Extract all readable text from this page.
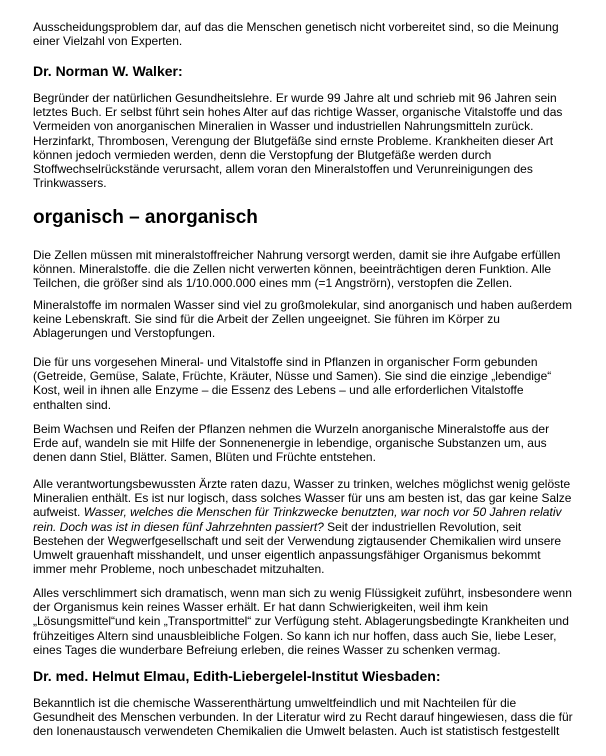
Ausscheidungsproblem dar, auf das die Menschen genetisch nicht vorbereitet sind, so die Meinung
einer Vielzahl von Experten.

Dr. Norman W. Walker:

Begründer der natürlichen Gesundheitslehre. Er wurde 99 Jahre alt und schrieb mit 96 Jahren sein
letztes Buch. Er selbst führt sein hohes Alter auf das richtige Wasser, organische Vitalstoffe und das
Vermeiden von anorganischen Mineralien in Wasser und industriellen Nahrungsmitteln zurück.
Herzinfarkt, Thrombosen, Verengung der Blutgefäße sind ernste Probleme. Krankheiten dieser Art
können jedoch vermieden werden, denn die Verstopfung der Blutgefäße werden durch
Stoffwechselrückstände verursacht, allem voran den Mineralstoffen und Verunreinigungen des
Trinkwassers.

organisch – anorganisch

Die Zellen müssen mit mineralstoffreicher Nahrung versorgt werden, damit sie ihre Aufgabe erfüllen
können. Mineralstoffe. die die Zellen nicht verwerten können, beeinträchtigen deren Funktion. Alle
Teilchen, die größer sind als 1/10.000.000 eines mm (=1 Angströrn), verstopfen die Zellen.

Mineralstoffe im normalen Wasser sind viel zu großmolekular, sind anorganisch und haben außerdem
keine Lebenskraft. Sie sind für die Arbeit der Zellen ungeeignet. Sie führen im Körper zu
Ablagerungen und Verstopfungen.

Die für uns vorgesehen Mineral- und Vitalstoffe sind in Pflanzen in organischer Form gebunden
(Getreide, Gemüse, Salate, Früchte, Kräuter, Nüsse und Samen). Sie sind die einzige „lebendige“
Kost, weil in ihnen alle Enzyme – die Essenz des Lebens – und alle erforderlichen Vitalstoffe
enthalten sind.

Beim Wachsen und Reifen der Pflanzen nehmen die Wurzeln anorganische Mineralstoffe aus der
Erde auf, wandeln sie mit Hilfe der Sonnenenergie in lebendige, organische Substanzen um, aus
denen dann Stiel, Blätter. Samen, Blüten und Früchte entstehen.

Alle verantwortungsbewussten Ärzte raten dazu, Wasser zu trinken, welches möglichst wenig gelöste
Mineralien enthält. Es ist nur logisch, dass solches Wasser für uns am besten ist, das gar keine Salze
aufweist. Wasser, welches die Menschen für Trinkzwecke benutzten, war noch vor 50 Jahren relativ
rein. Doch was ist in diesen fünf Jahrzehnten passiert? Seit der industriellen Revolution, seit
Bestehen der Wegwerfgesellschaft und seit der Verwendung zigtausender Chemikalien wird unsere
Umwelt grauenhaft misshandelt, und unser eigentlich anpassungsfähiger Organismus bekommt
immer mehr Probleme, noch unbeschadet mitzuhalten.

Alles verschlimmert sich dramatisch, wenn man sich zu wenig Flüssigkeit zuführt, insbesondere wenn
der Organismus kein reines Wasser erhält. Er hat dann Schwierigkeiten, weil ihm kein
„Lösungsmittel“und kein „Transportmittel“ zur Verfügung steht. Ablagerungsbedingte Krankheiten und
frühzeitiges Altern sind unausbleibliche Folgen. So kann ich nur hoffen, dass auch Sie, liebe Leser,
eines Tages die wunderbare Befreiung erleben, die reines Wasser zu schenken vermag.

Dr. med. Helmut Elmau, Edith-Liebergelel-Institut Wiesbaden:

Bekanntlich ist die chemische Wasserenthärtung umweltfeindlich und mit Nachteilen für die
Gesundheit des Menschen verbunden. In der Literatur wird zu Recht darauf hingewiesen, dass die für
den Ionenaustausch verwendeten Chemikalien die Umwelt belasten. Auch ist statistisch festgestellt
